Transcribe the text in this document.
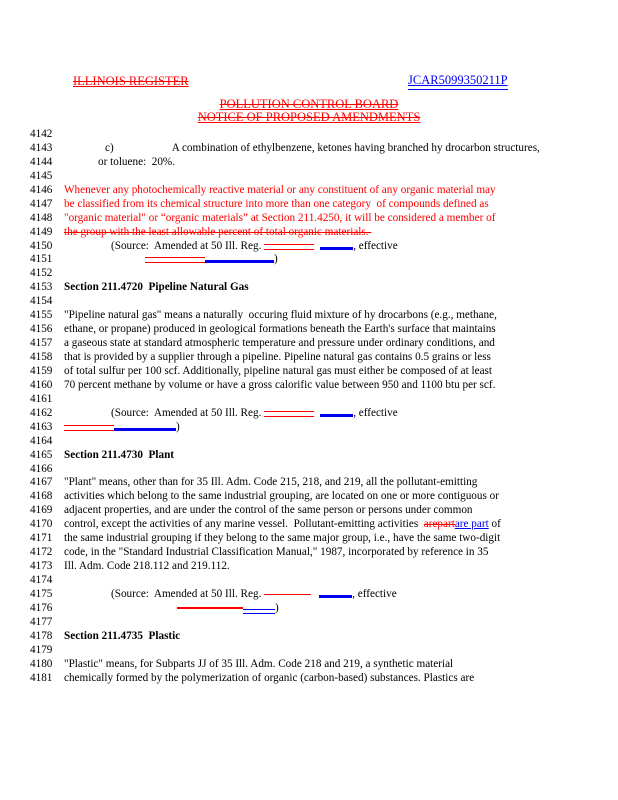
ILLINOIS REGISTER	JCAR5099350211P
POLLUTION CONTROL BOARD
NOTICE OF PROPOSED AMENDMENTS
4142
4143	c)	A combination of ethylbenzene, ketones having branched hy drocarbon structures,
4144	or toluene:  20%.
4145
4146	Whenever any photochemically reactive material or any constituent of any organic material may
4147	be classified from its chemical structure into more than one category  of compounds defined as
4148	"organic material" or “organic materials” at Section 211.4250, it will be considered a member of
4149	the group with the least allowable percent of total organic materials.
4150	(Source:  Amended at 50 Ill. Reg.	, effective
4151	)
4152
4153	Section 211.4720  Pipeline Natural Gas
4154
4155	"Pipeline natural gas" means a naturally  occuring fluid mixture of hy drocarbons (e.g., methane,
4156	ethane, or propane) produced in geological formations beneath the Earth's surface that maintains
4157	a gaseous state at standard atmospheric temperature and pressure under ordinary conditions, and
4158	that is provided by a supplier through a pipeline. Pipeline natural gas contains 0.5 grains or less
4159	of total sulfur per 100 scf. Additionally, pipeline natural gas must either be composed of at least
4160	70 percent methane by volume or have a gross calorific value between 950 and 1100 btu per scf.
4161
4162	(Source:  Amended at 50 Ill. Reg.	, effective
4163	)
4164
4165	Section 211.4730  Plant
4166
4167	"Plant" means, other than for 35 Ill. Adm. Code 215, 218, and 219, all the pollutant-emitting
4168	activities which belong to the same industrial grouping, are located on one or more contiguous or
4169	adjacent properties, and are under the control of the same person or persons under common
4170	control, except the activities of any marine vessel.  Pollutant-emitting activities  arepartare part of
4171	the same industrial grouping if they belong to the same major group, i.e., have the same two-digit
4172	code, in the "Standard Industrial Classification Manual," 1987, incorporated by reference in 35
4173	Ill. Adm. Code 218.112 and 219.112.
4174
4175	(Source:  Amended at 50 Ill. Reg.	, effective
4176	)
4177
4178	Section 211.4735  Plastic
4179
4180	"Plastic" means, for Subparts JJ of 35 Ill. Adm. Code 218 and 219, a synthetic material
4181	chemically formed by the polymerization of organic (carbon-based) substances. Plastics are
